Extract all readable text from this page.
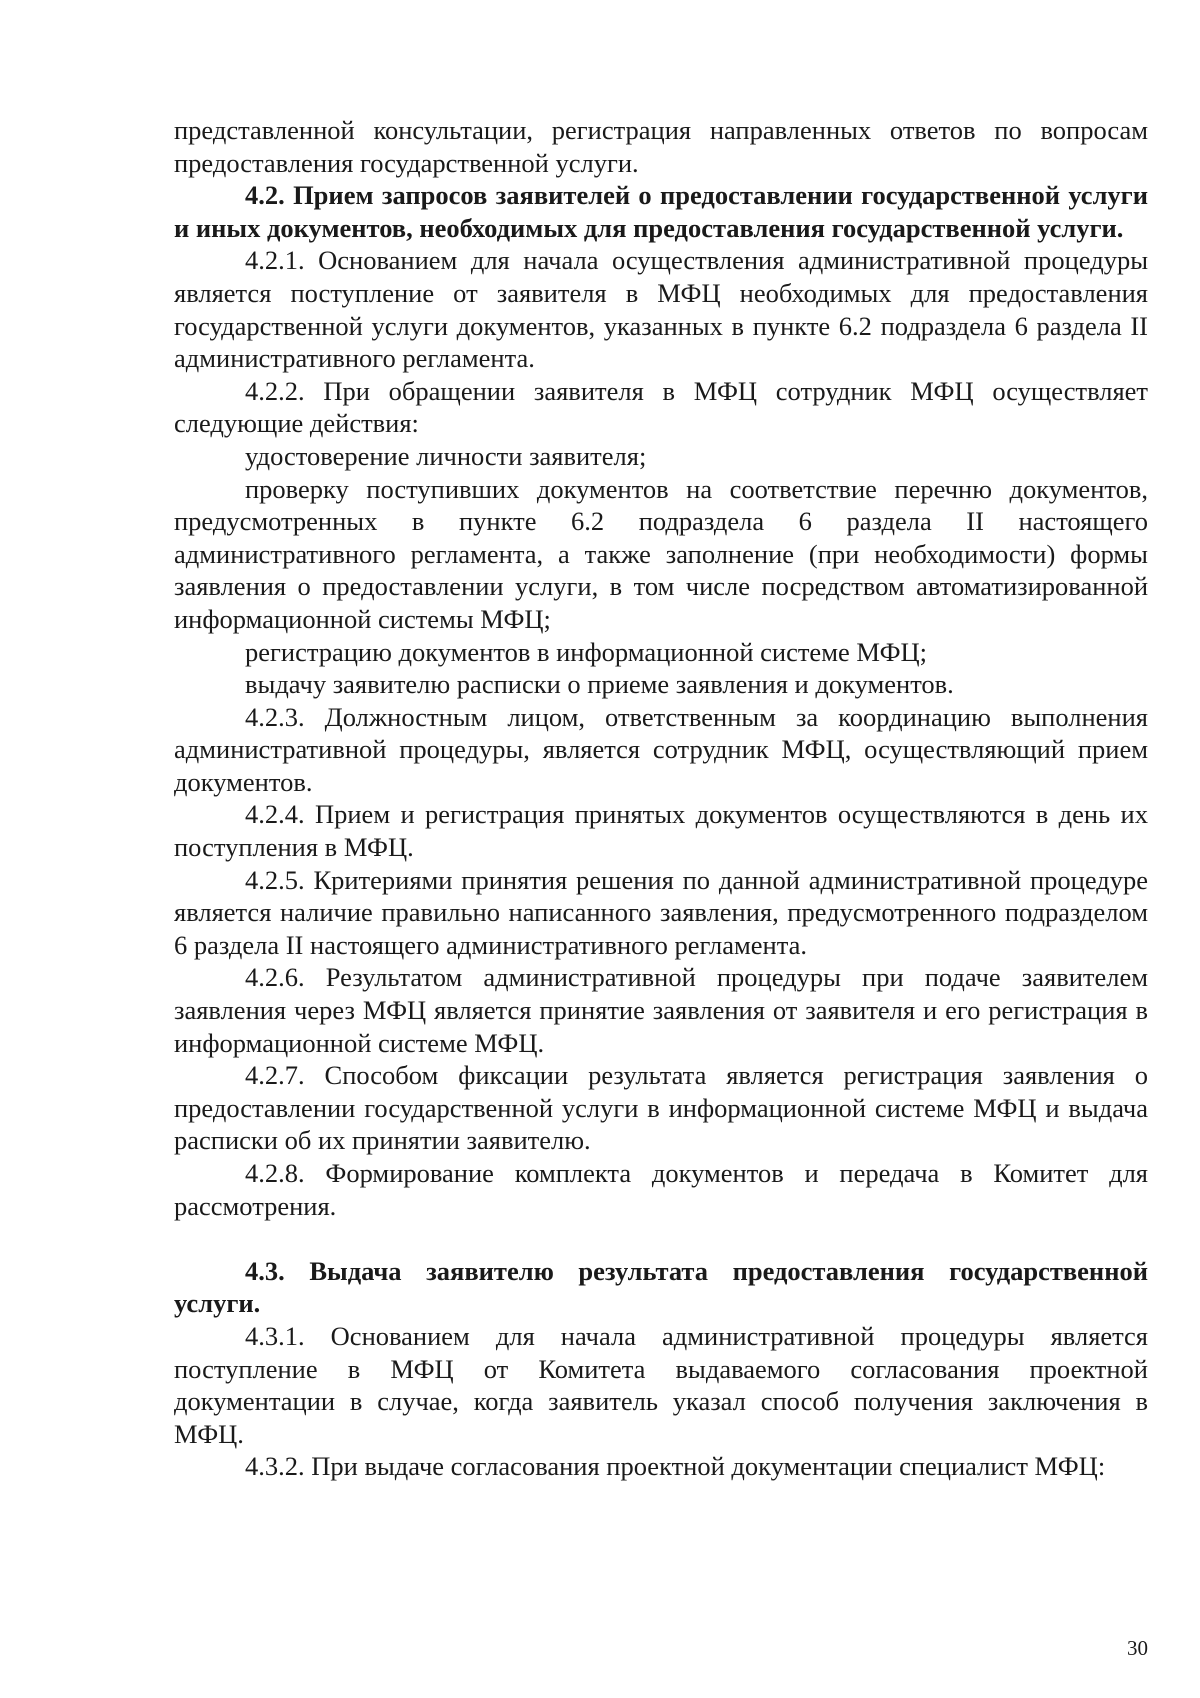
представленной консультации, регистрация направленных ответов по вопросам предоставления государственной услуги.

4.2. Прием запросов заявителей о предоставлении государственной услуги и иных документов, необходимых для предоставления государственной услуги.

4.2.1. Основанием для начала осуществления административной процедуры является поступление от заявителя в МФЦ необходимых для предоставления государственной услуги документов, указанных в пункте 6.2 подраздела 6 раздела II административного регламента.

4.2.2. При обращении заявителя в МФЦ сотрудник МФЦ осуществляет следующие действия:

удостоверение личности заявителя;

проверку поступивших документов на соответствие перечню документов, предусмотренных в пункте 6.2 подраздела 6 раздела II настоящего административного регламента, а также заполнение (при необходимости) формы заявления о предоставлении услуги, в том числе посредством автоматизированной информационной системы МФЦ;

регистрацию документов в информационной системе МФЦ;

выдачу заявителю расписки о приеме заявления и документов.

4.2.3. Должностным лицом, ответственным за координацию выполнения административной процедуры, является сотрудник МФЦ, осуществляющий прием документов.

4.2.4. Прием и регистрация принятых документов осуществляются в день их поступления в МФЦ.

4.2.5. Критериями принятия решения по данной административной процедуре является наличие правильно написанного заявления, предусмотренного подразделом 6 раздела II настоящего административного регламента.

4.2.6. Результатом административной процедуры при подаче заявителем заявления через МФЦ является принятие заявления от заявителя и его регистрация в информационной системе МФЦ.

4.2.7. Способом фиксации результата является регистрация заявления о предоставлении государственной услуги в информационной системе МФЦ и выдача расписки об их принятии заявителю.

4.2.8. Формирование комплекта документов и передача в Комитет для рассмотрения.

4.3. Выдача заявителю результата предоставления государственной услуги.

4.3.1. Основанием для начала административной процедуры является поступление в МФЦ от Комитета выдаваемого согласования проектной документации в случае, когда заявитель указал способ получения заключения в МФЦ.

4.3.2. При выдаче согласования проектной документации специалист МФЦ:

30
